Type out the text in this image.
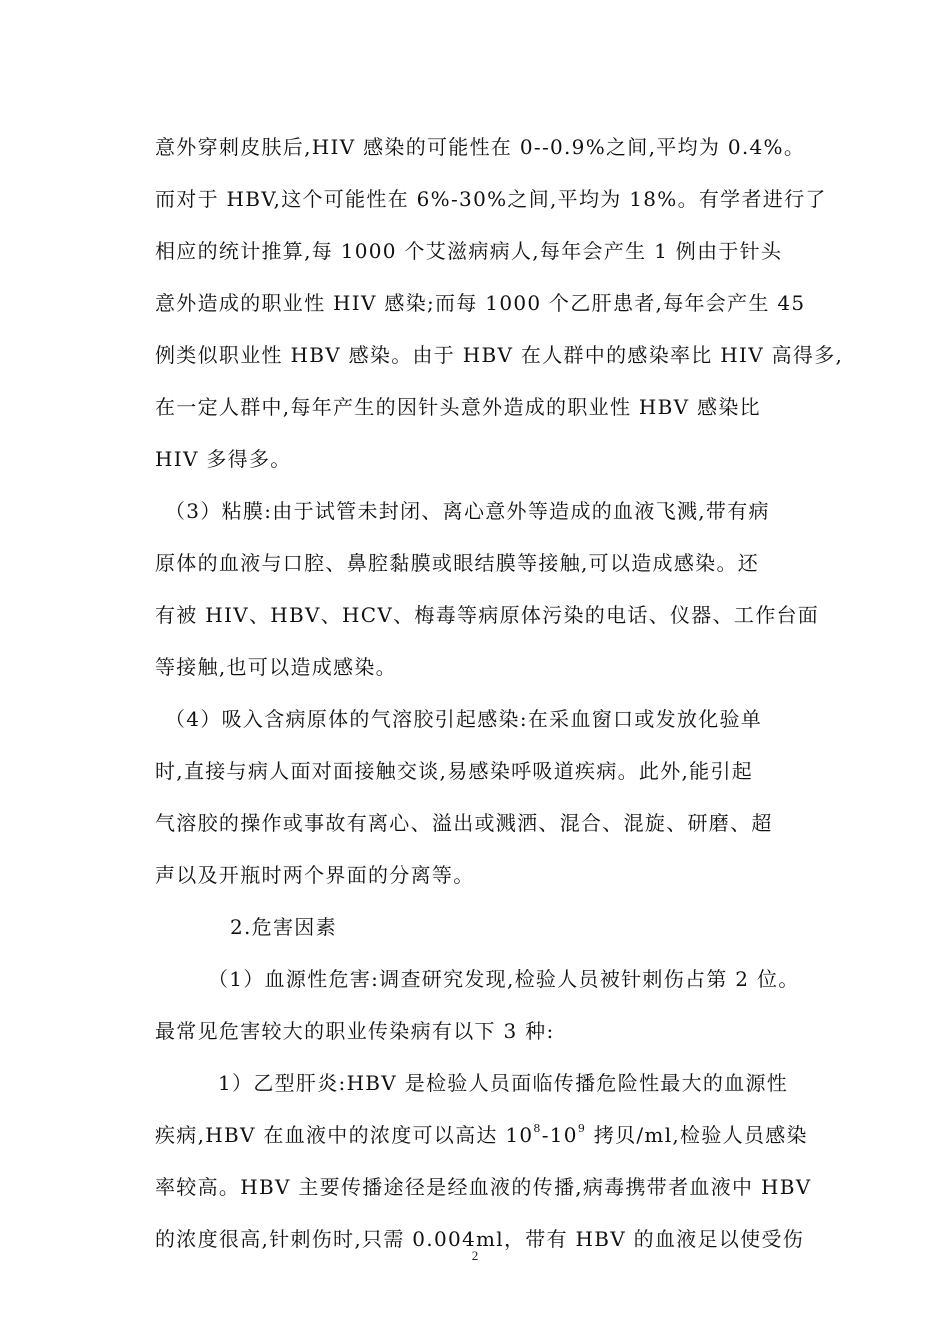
意外穿刺皮肤后,HIV 感染的可能性在 0--0.9%之间,平均为 0.4%。
而对于 HBV,这个可能性在 6%-30%之间,平均为 18%。有学者进行了
相应的统计推算,每 1000 个艾滋病病人,每年会产生 1 例由于针头
意外造成的职业性 HIV 感染;而每 1000 个乙肝患者,每年会产生 45
例类似职业性 HBV 感染。由于 HBV 在人群中的感染率比 HIV 高得多,
在一定人群中,每年产生的因针头意外造成的职业性 HBV 感染比
HIV 多得多。
（3）粘膜:由于试管未封闭、离心意外等造成的血液飞溅,带有病
原体的血液与口腔、鼻腔黏膜或眼结膜等接触,可以造成感染。还
有被 HIV、HBV、HCV、梅毒等病原体污染的电话、仪器、工作台面
等接触,也可以造成感染。
（4）吸入含病原体的气溶胶引起感染:在采血窗口或发放化验单
时,直接与病人面对面接触交谈,易感染呼吸道疾病。此外,能引起
气溶胶的操作或事故有离心、溢出或溅洒、混合、混旋、研磨、超
声以及开瓶时两个界面的分离等。
2.危害因素
（1）血源性危害:调查研究发现,检验人员被针刺伤占第 2 位。
最常见危害较大的职业传染病有以下 3 种:
1）乙型肝炎:HBV 是检验人员面临传播危险性最大的血源性
疾病,HBV 在血液中的浓度可以高达 $10^8-10^9$ 拷贝/ml,检验人员感染
率较高。HBV 主要传播途径是经血液的传播,病毒携带者血液中 HBV
的浓度很高,针刺伤时,只需 0.004ml，带有 HBV 的血液足以使受伤
2
